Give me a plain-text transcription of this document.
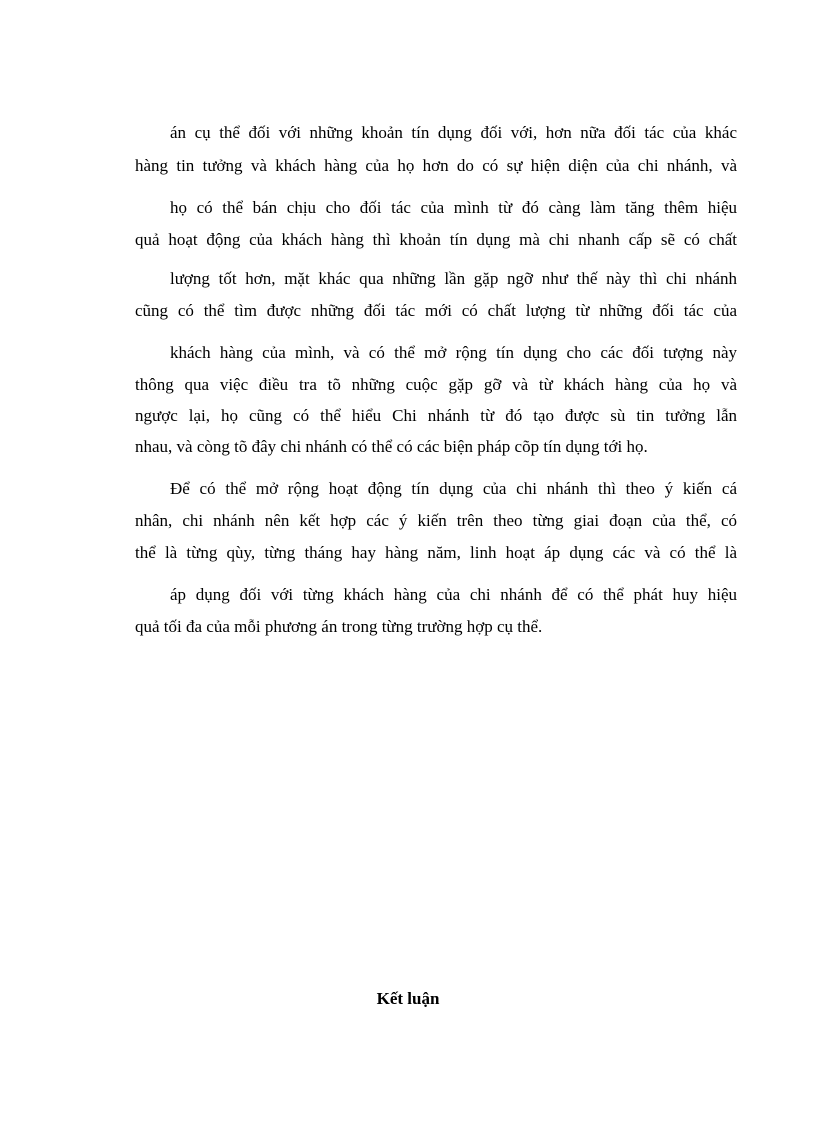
án cụ thể đối với những khoản tín dụng đối với, hơn nữa đối tác của khác
hàng tin tưởng và khách hàng của họ hơn do có sự hiện diện của chi nhánh, và
họ có thể bán chịu cho đối tác của mình từ đó càng làm tăng thêm hiệu
quả hoạt động của khách hàng thì khoản tín dụng mà chi nhanh cấp sẽ có chất
lượng tốt hơn, mặt khác qua những lần gặp ngỡ như thế này thì chi nhánh
cũng có thể tìm được những đối tác mới có chất lượng từ những đối tác của
khách hàng của mình, và có thể mở rộng tín dụng cho các đối tượng này
thông qua việc điều tra tõ những cuộc gặp gỡ và từ khách hàng của họ và
ngược lại, họ cũng có thể hiểu Chi nhánh từ đó tạo được sù tin tưởng lẫn
nhau, và còng tõ đây chi nhánh có thể có các biện pháp cõp tín dụng tới họ.
Để có thể mở rộng hoạt động tín dụng của chi nhánh thì theo ý kiến cá
nhân, chi nhánh nên kết hợp các ý kiến trên theo từng giai đoạn của thể, có
thể là từng qùy, từng tháng hay hàng năm, linh hoạt áp dụng các và có thể là
áp dụng đối với từng khách hàng của chi nhánh để có thể phát huy hiệu
quả tối đa của mỗi phương án trong từng trường hợp cụ thể.
Kết luận
